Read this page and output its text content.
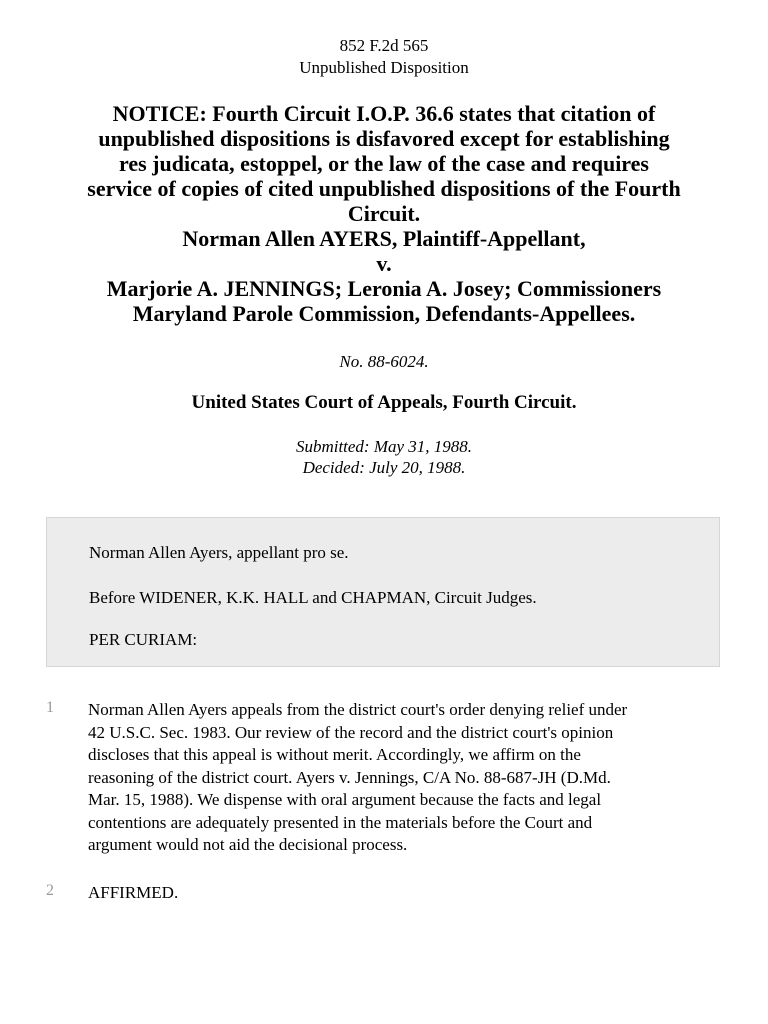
852 F.2d 565
Unpublished Disposition
NOTICE: Fourth Circuit I.O.P. 36.6 states that citation of
unpublished dispositions is disfavored except for establishing
res judicata, estoppel, or the law of the case and requires
service of copies of cited unpublished dispositions of the Fourth
Circuit.
Norman Allen AYERS, Plaintiff-Appellant,
v.
Marjorie A. JENNINGS; Leronia A. Josey; Commissioners
Maryland Parole Commission, Defendants-Appellees.
No. 88-6024.
United States Court of Appeals, Fourth Circuit.
Submitted: May 31, 1988.
Decided: July 20, 1988.

Norman Allen Ayers, appellant pro se.

Before WIDENER, K.K. HALL and CHAPMAN, Circuit Judges.

PER CURIAM:

1 Norman Allen Ayers appeals from the district court's order denying relief under
42 U.S.C. Sec. 1983. Our review of the record and the district court's opinion
discloses that this appeal is without merit. Accordingly, we affirm on the
reasoning of the district court. Ayers v. Jennings, C/A No. 88-687-JH (D.Md.
Mar. 15, 1988). We dispense with oral argument because the facts and legal
contentions are adequately presented in the materials before the Court and
argument would not aid the decisional process.
2 AFFIRMED.
